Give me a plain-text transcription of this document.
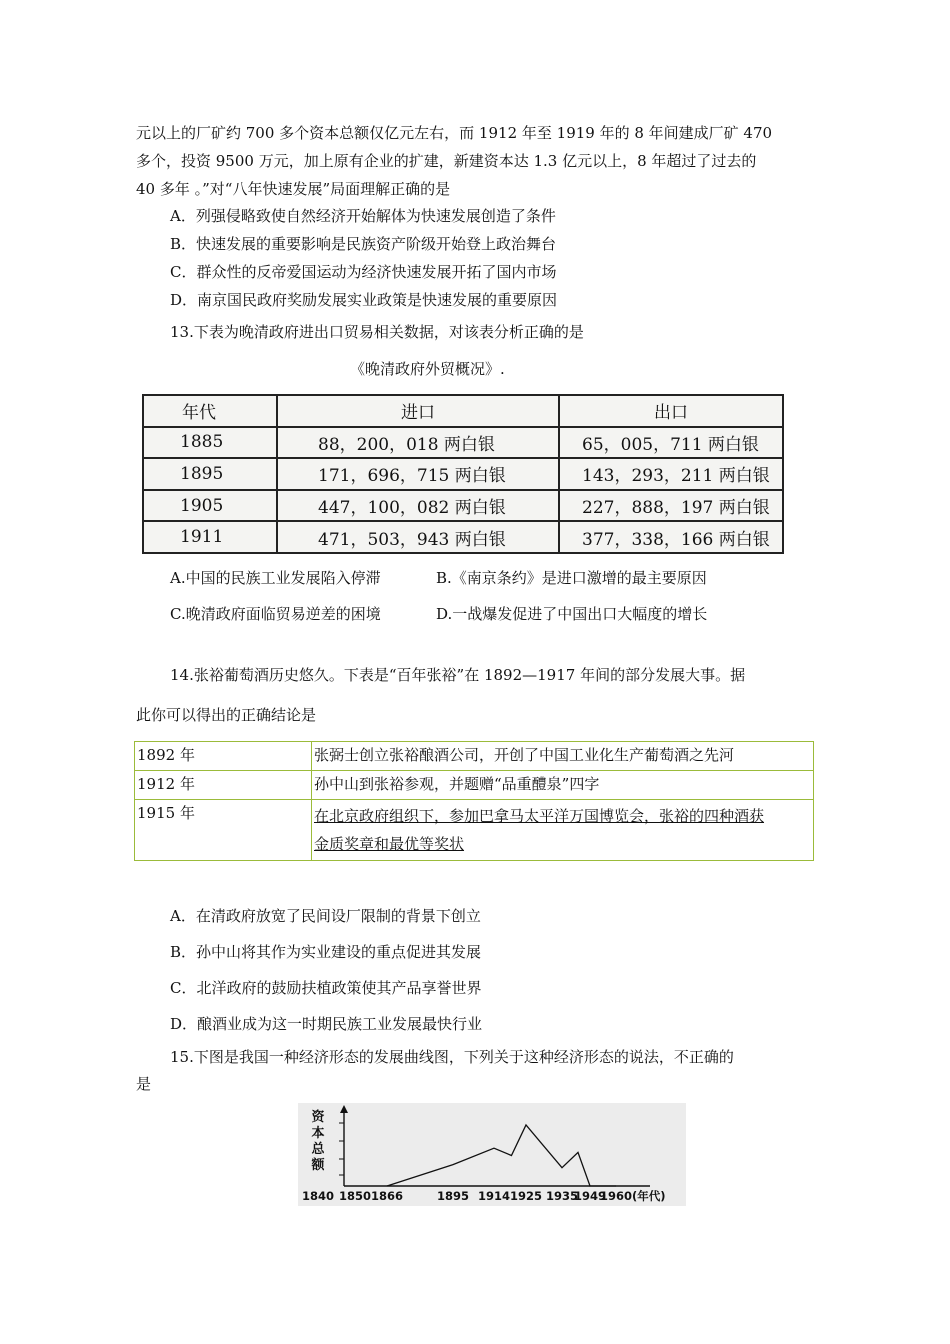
元以上的厂矿约 700 多个资本总额仅亿元左右，而 1912 年至 1919 年的 8 年间建成厂矿 470
多个，投资 9500 万元，加上原有企业的扩建，新建资本达 1.3 亿元以上，8 年超过了过去的
40 多年 。”对“八年快速发展”局面理解正确的是
A．列强侵略致使自然经济开始解体为快速发展创造了条件
B．快速发展的重要影响是民族资产阶级开始登上政治舞台
C．群众性的反帝爱国运动为经济快速发展开拓了国内市场
D．南京国民政府奖励发展实业政策是快速发展的重要原因
13.下表为晚清政府进出口贸易相关数据，对该表分析正确的是
《晚清政府外贸概况》.
年代	进口	出口
1885	88，200，018 两白银	65，005，711 两白银
1895	171，696，715 两白银	143，293，211 两白银
1905	447，100，082 两白银	227，888，197 两白银
1911	471，503，943 两白银	377，338，166 两白银
A.中国的民族工业发展陷入停滞	B.《南京条约》是进口激增的最主要原因
C.晚清政府面临贸易逆差的困境	D.一战爆发促进了中国出口大幅度的增长
14.张裕葡萄酒历史悠久。下表是“百年张裕”在 1892—1917 年间的部分发展大事。据
此你可以得出的正确结论是
1892 年	张弼士创立张裕酿酒公司，开创了中国工业化生产葡萄酒之先河
1912 年	孙中山到张裕参观，并题赠“品重醴泉”四字
1915 年	在北京政府组织下，参加巴拿马太平洋万国博览会，张裕的四种酒获
金质奖章和最优等奖状
A．在清政府放宽了民间设厂限制的背景下创立
B．孙中山将其作为实业建设的重点促进其发展
C．北洋政府的鼓励扶植政策使其产品享誉世界
D．酿酒业成为这一时期民族工业发展最快行业
15.下图是我国一种经济形态的发展曲线图，下列关于这种经济形态的说法，不正确的
是
资
本
总
额
1840 1850 1866	1895 1914 1925 1935
1949
1960 (年代)
